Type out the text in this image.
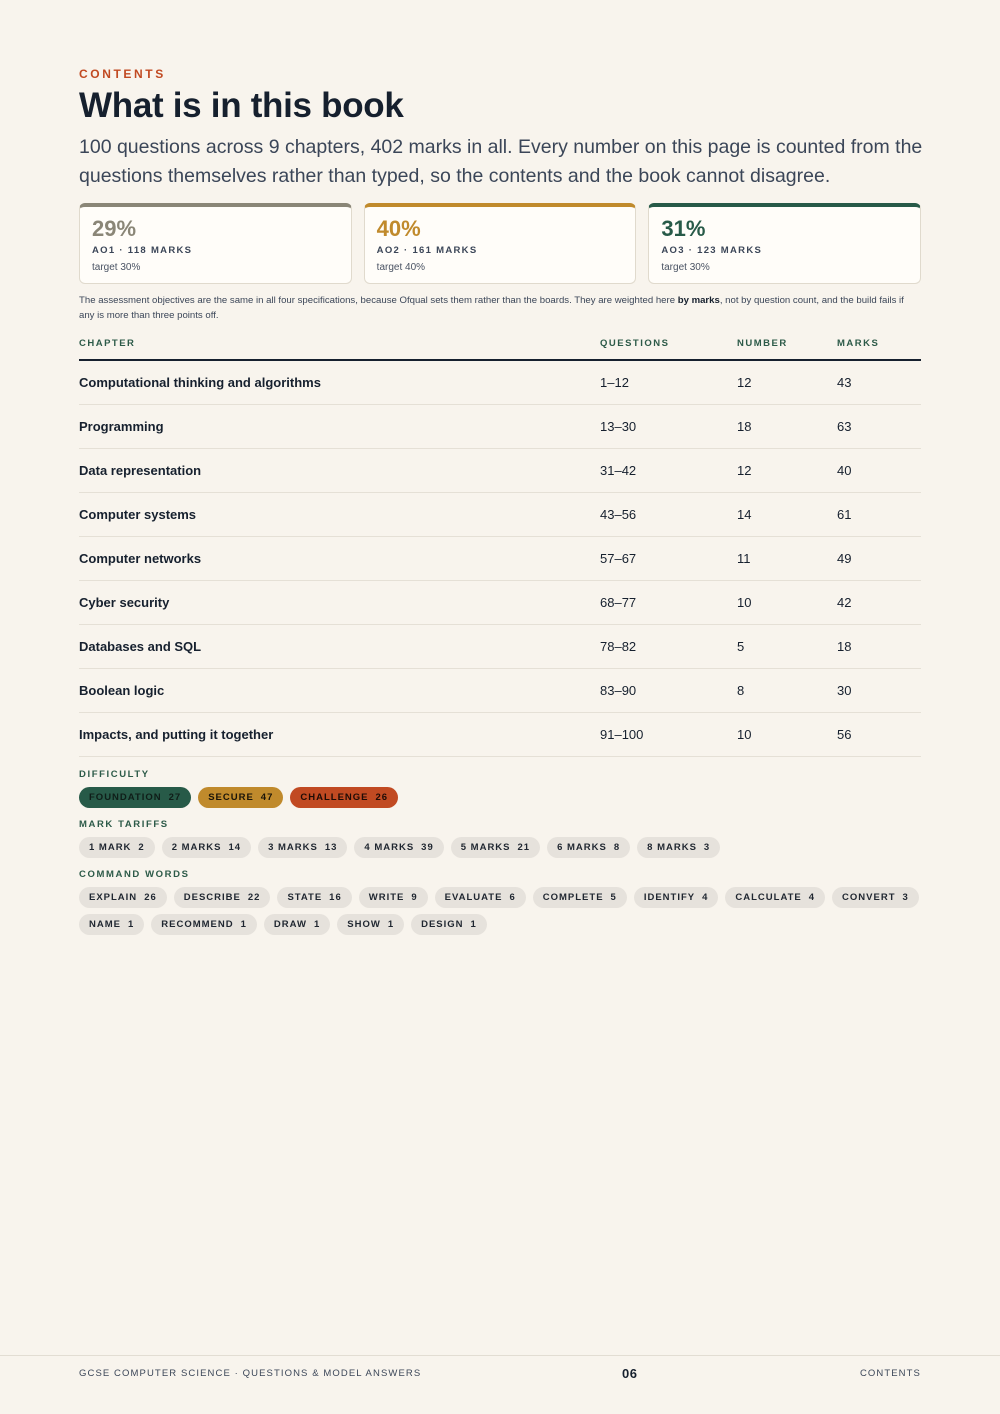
CONTENTS
What is in this book

100 questions across 9 chapters, 402 marks in all. Every number on this page is counted from the questions themselves rather than typed, so the contents and the book cannot disagree.

29%
AO1 · 118 MARKS
target 30%
40%
AO2 · 161 MARKS
target 40%
31%
AO3 · 123 MARKS
target 30%

The assessment objectives are the same in all four specifications, because Ofqual sets them rather than the boards. They are weighted here by marks, not by question count, and the build fails if any is more than three points off.

CHAPTER	QUESTIONS	NUMBER	MARKS
Computational thinking and algorithms	1–12	12	43
Programming	13–30	18	63
Data representation	31–42	12	40
Computer systems	43–56	14	61
Computer networks	57–67	11	49
Cyber security	68–77	10	42
Databases and SQL	78–82	5	18
Boolean logic	83–90	8	30
Impacts, and putting it together	91–100	10	56
DIFFICULTY
FOUNDATION 27	SECURE 47	CHALLENGE 26
MARK TARIFFS
1 MARK 2	2 MARKS 14	3 MARKS 13	4 MARKS 39	5 MARKS 21	6 MARKS 8	8 MARKS 3
COMMAND WORDS
EXPLAIN 26	DESCRIBE 22	STATE 16	WRITE 9	EVALUATE 6	COMPLETE 5	IDENTIFY 4	CALCULATE 4	CONVERT 3
NAME 1	RECOMMEND 1	DRAW 1	SHOW 1	DESIGN 1
GCSE COMPUTER SCIENCE · QUESTIONS & MODEL ANSWERS	06	CONTENTS
